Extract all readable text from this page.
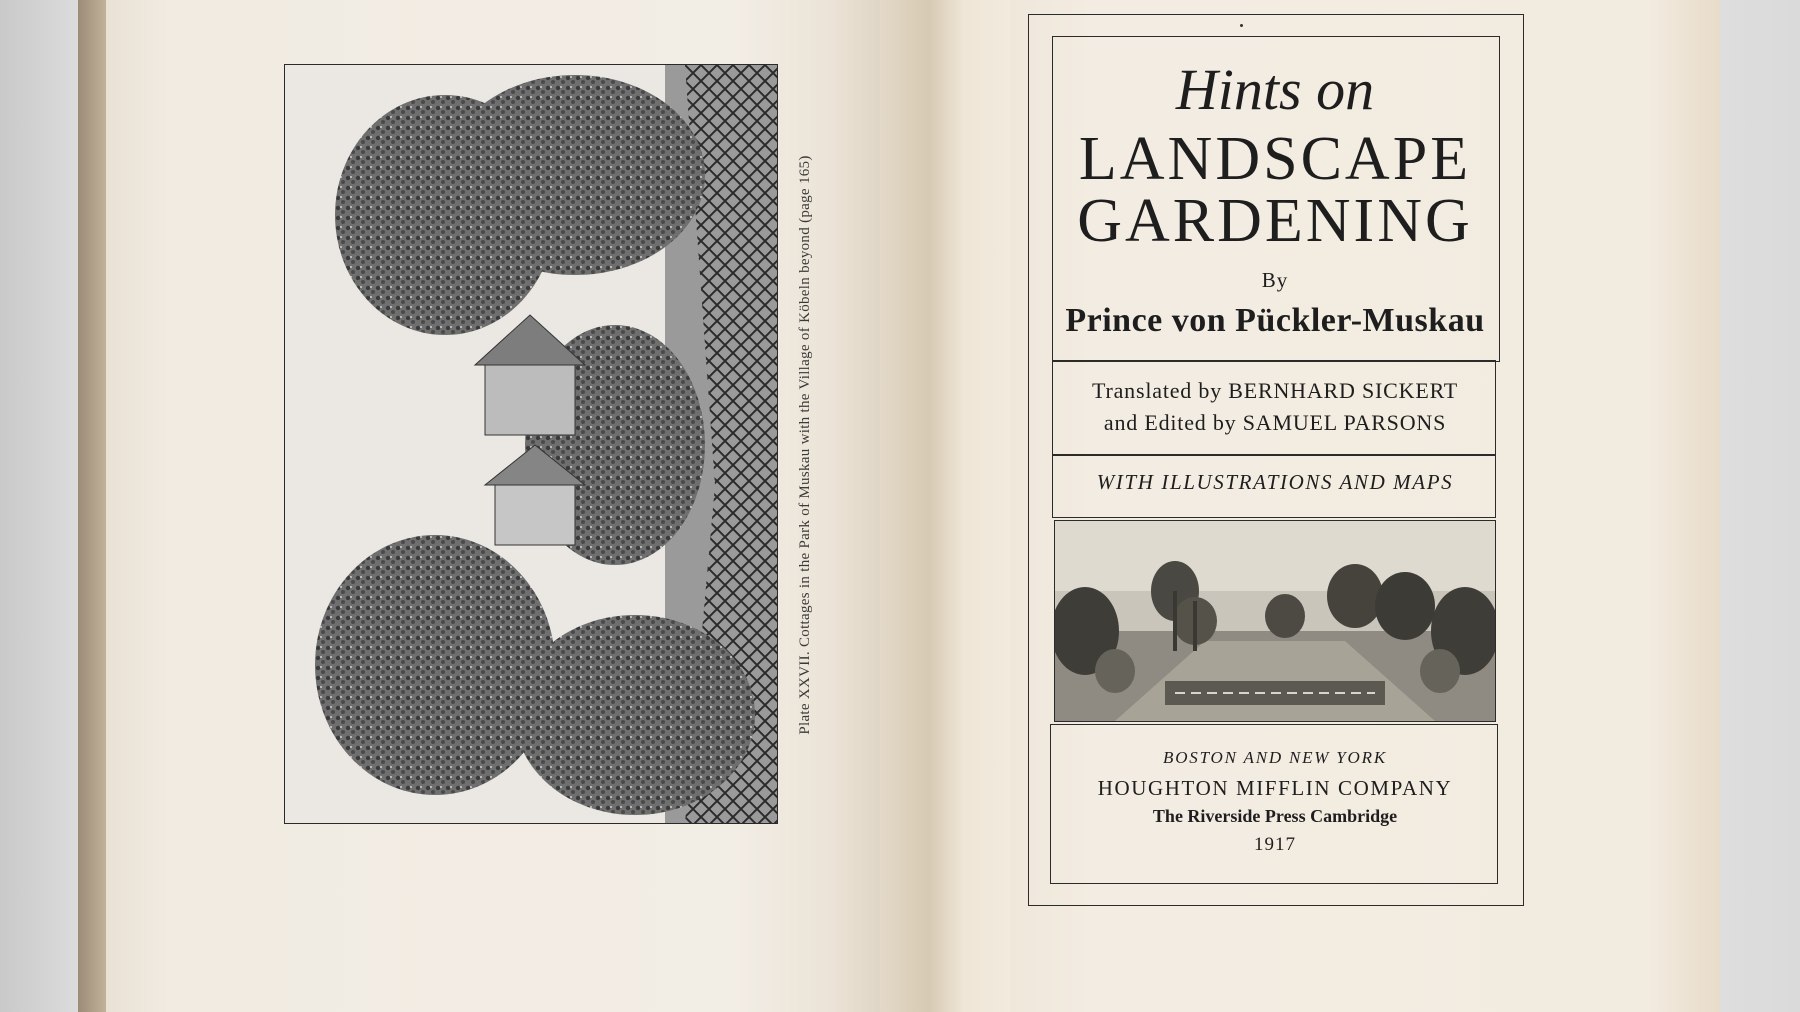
Plate XXVII. Cottages in the Park of Muskau with the Village of Köbeln beyond (page 165)
Hints on
LANDSCAPE
GARDENING
By
Prince von Pückler-Muskau
Translated by BERNHARD SICKERT
and Edited by SAMUEL PARSONS
WITH ILLUSTRATIONS AND MAPS
BOSTON AND NEW YORK
HOUGHTON MIFFLIN COMPANY
The Riverside Press Cambridge
1917
